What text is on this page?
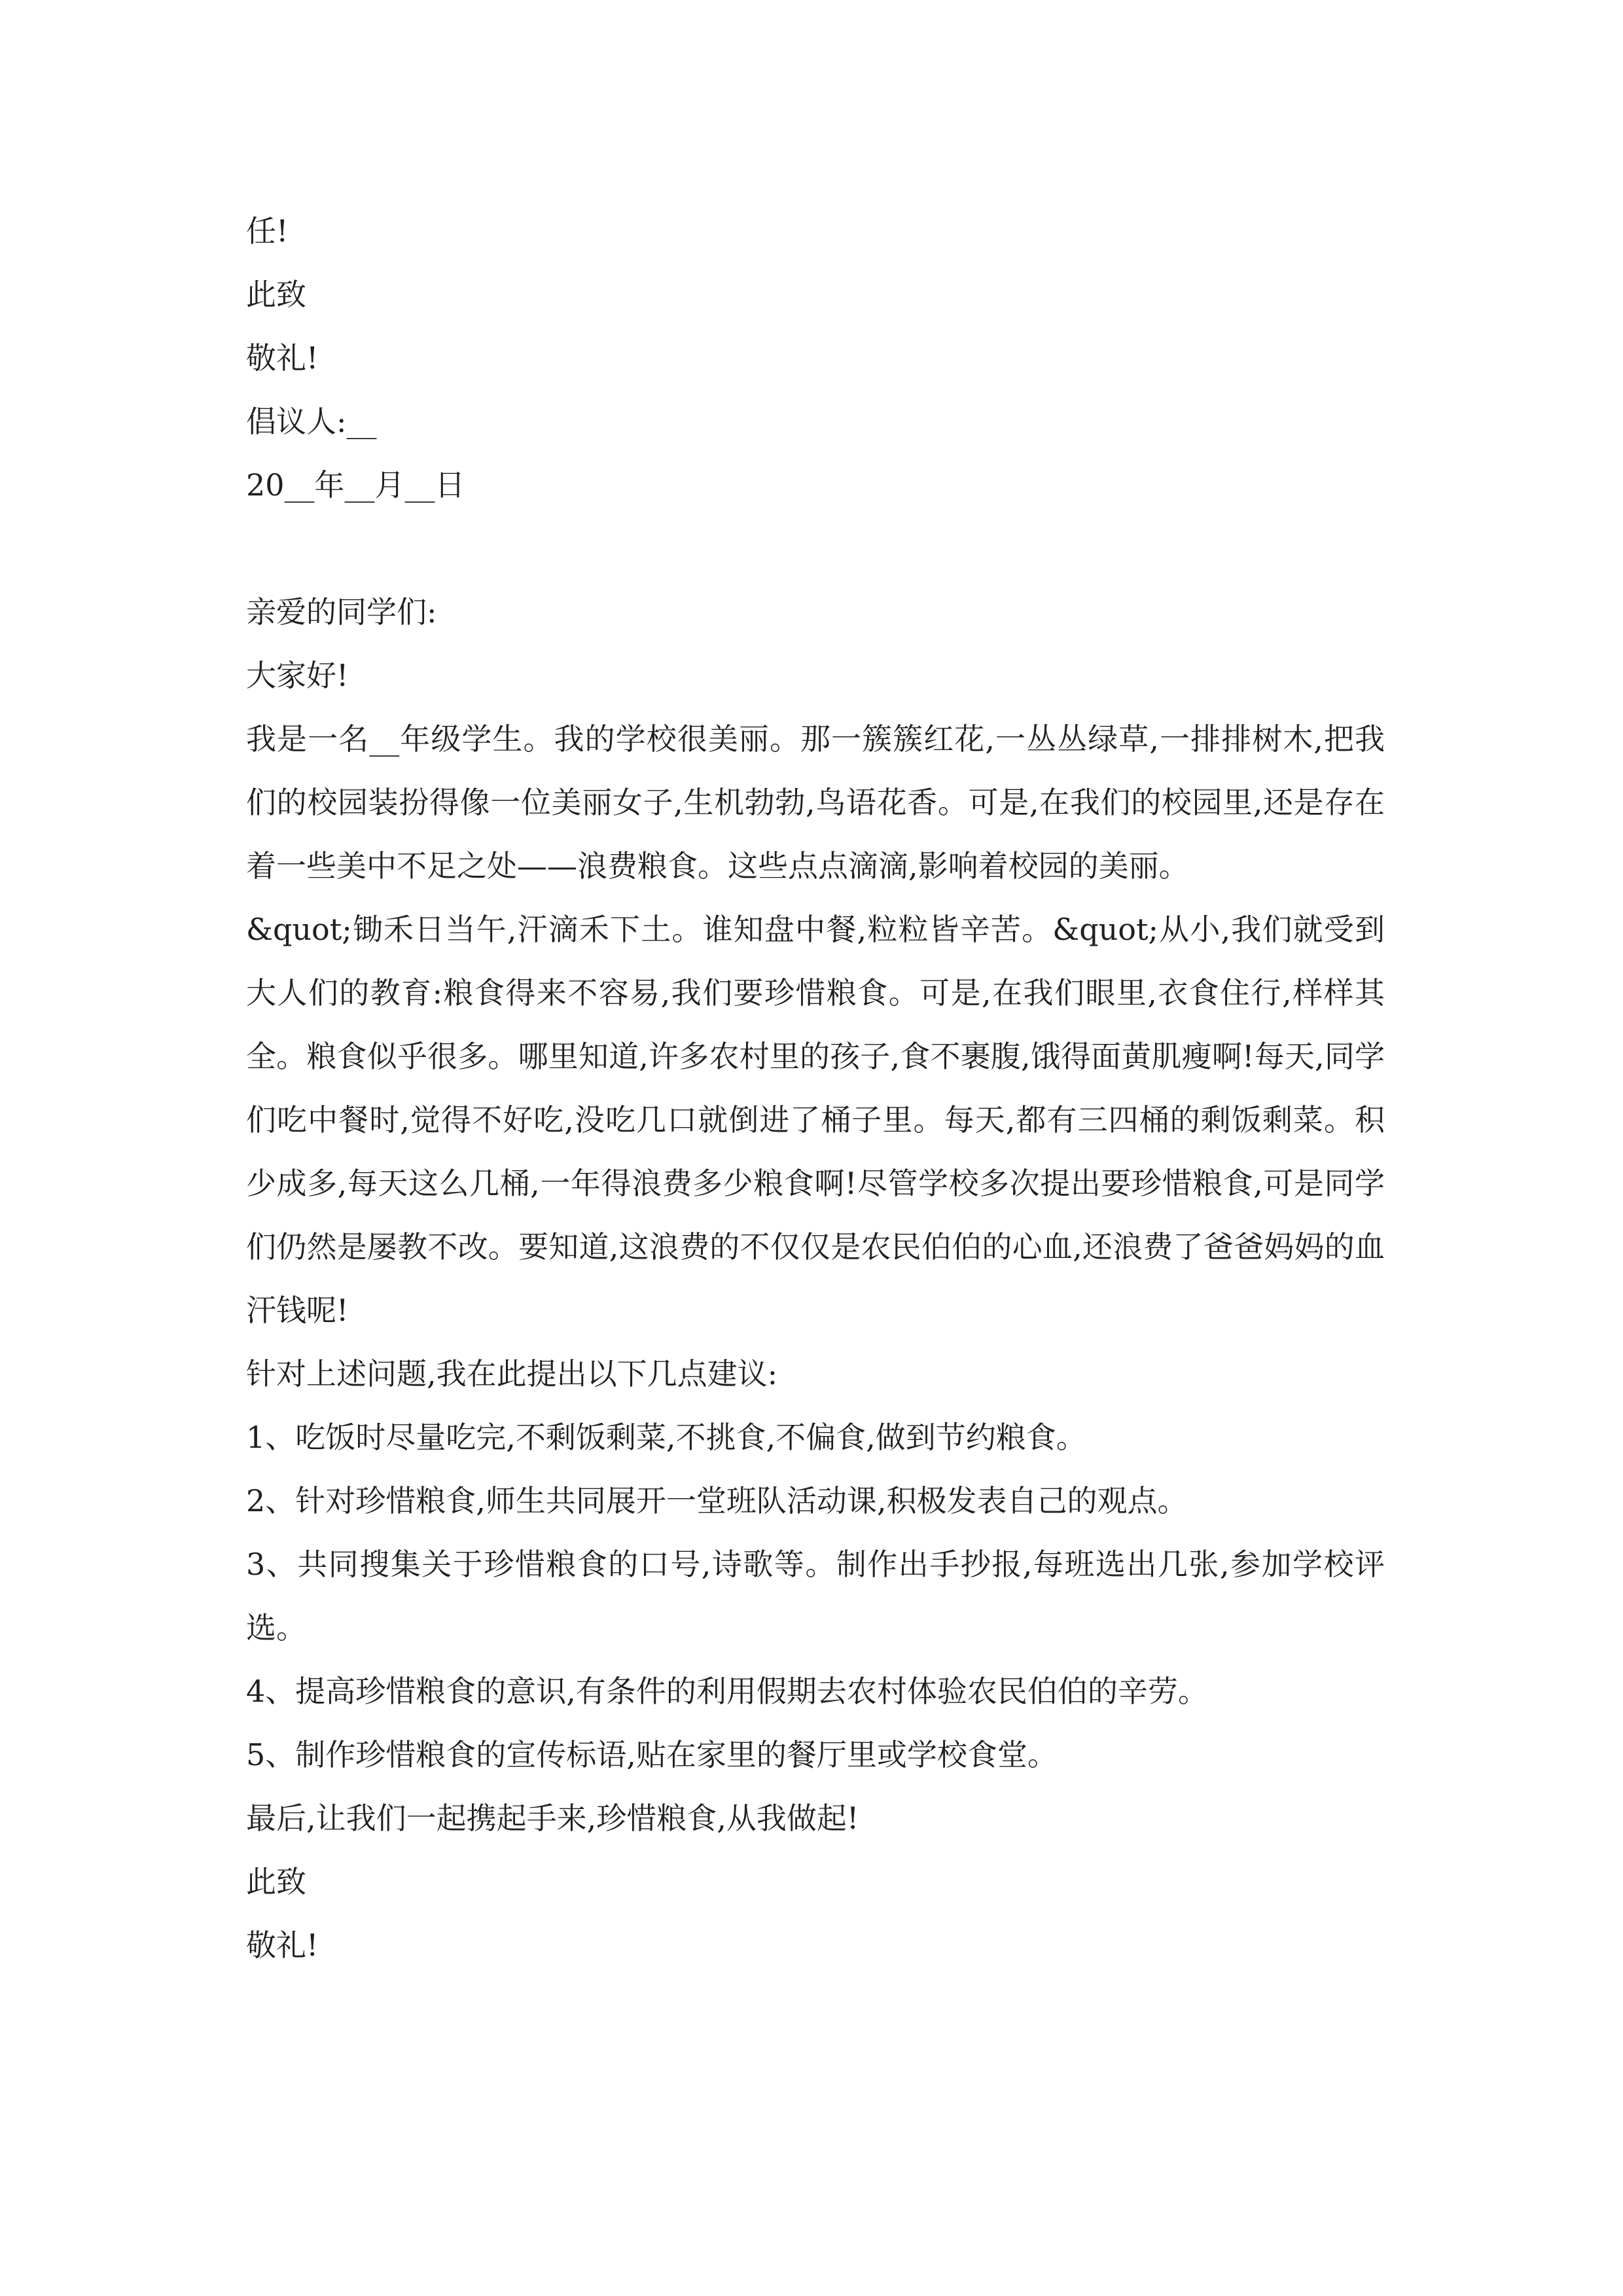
任!
此致
敬礼!
倡议人:__
20__年__月__日
亲爱的同学们:
大家好!
我是一名__年级学生。我的学校很美丽。那一簇簇红花,一丛丛绿草,一排排树木,把我们的校园装扮得像一位美丽女子,生机勃勃,鸟语花香。可是,在我们的校园里,还是存在着一些美中不足之处——浪费粮食。这些点点滴滴,影响着校园的美丽。
&quot;锄禾日当午,汗滴禾下土。谁知盘中餐,粒粒皆辛苦。&quot;从小,我们就受到大人们的教育:粮食得来不容易,我们要珍惜粮食。可是,在我们眼里,衣食住行,样样其全。粮食似乎很多。哪里知道,许多农村里的孩子,食不裹腹,饿得面黄肌瘦啊!每天,同学们吃中餐时,觉得不好吃,没吃几口就倒进了桶子里。每天,都有三四桶的剩饭剩菜。积少成多,每天这么几桶,一年得浪费多少粮食啊!尽管学校多次提出要珍惜粮食,可是同学们仍然是屡教不改。要知道,这浪费的不仅仅是农民伯伯的心血,还浪费了爸爸妈妈的血汗钱呢!
针对上述问题,我在此提出以下几点建议:
1、吃饭时尽量吃完,不剩饭剩菜,不挑食,不偏食,做到节约粮食。
2、针对珍惜粮食,师生共同展开一堂班队活动课,积极发表自己的观点。
3、共同搜集关于珍惜粮食的口号,诗歌等。制作出手抄报,每班选出几张,参加学校评选。
4、提高珍惜粮食的意识,有条件的利用假期去农村体验农民伯伯的辛劳。
5、制作珍惜粮食的宣传标语,贴在家里的餐厅里或学校食堂。
最后,让我们一起携起手来,珍惜粮食,从我做起!
此致
敬礼!
